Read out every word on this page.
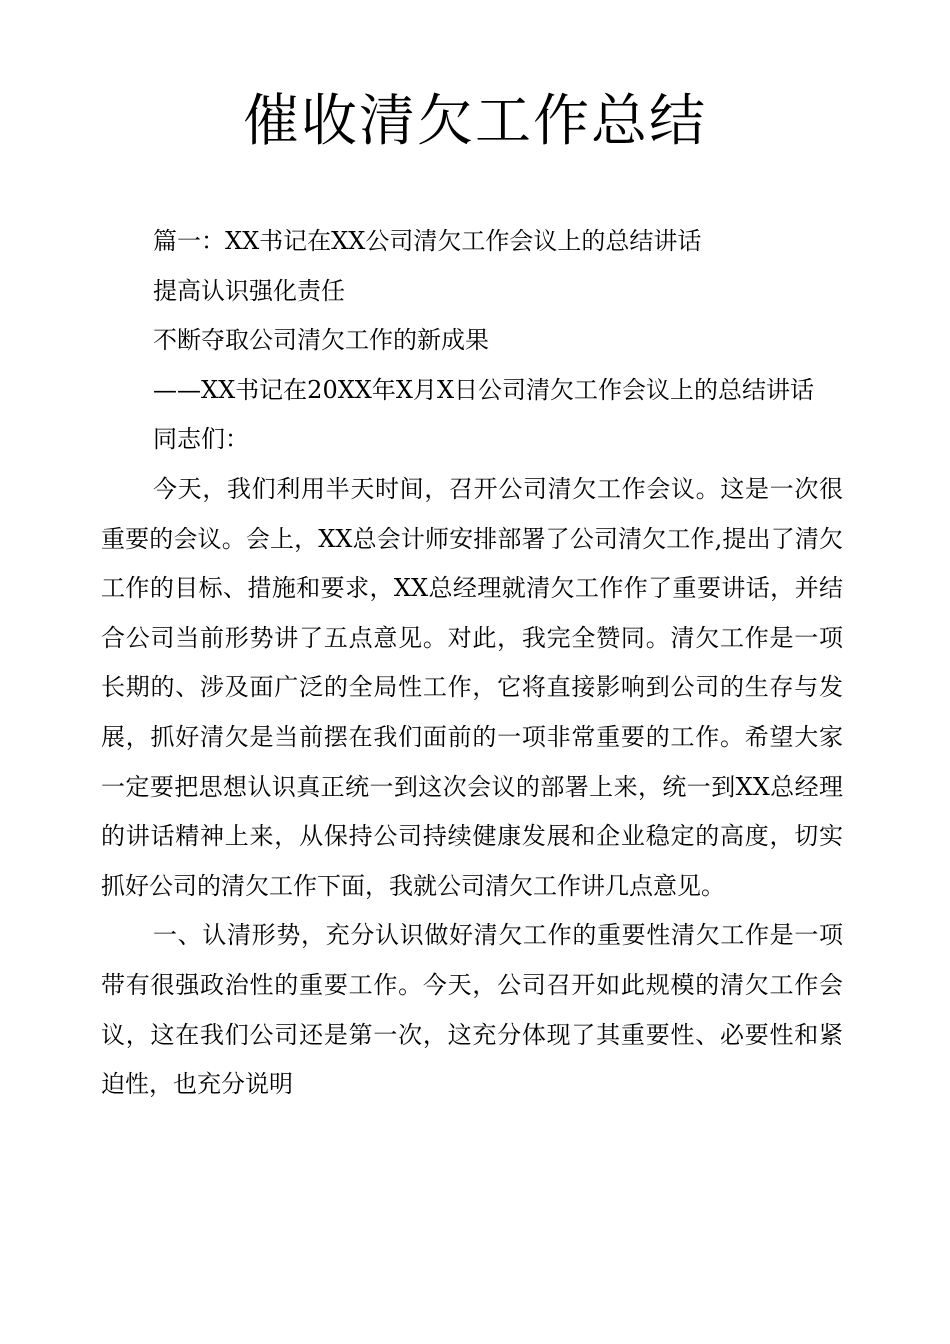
催收清欠工作总结

篇一：XX书记在XX公司清欠工作会议上的总结讲话

提高认识强化责任

不断夺取公司清欠工作的新成果

——XX书记在20XX年X月X日公司清欠工作会议上的总结讲话

同志们：

今天，我们利用半天时间，召开公司清欠工作会议。这是一次很重要的会议。会上，XX总会计师安排部署了公司清欠工作,提出了清欠工作的目标、措施和要求，XX总经理就清欠工作作了重要讲话，并结合公司当前形势讲了五点意见。对此，我完全赞同。清欠工作是一项长期的、涉及面广泛的全局性工作，它将直接影响到公司的生存与发展，抓好清欠是当前摆在我们面前的一项非常重要的工作。希望大家一定要把思想认识真正统一到这次会议的部署上来，统一到XX总经理的讲话精神上来，从保持公司持续健康发展和企业稳定的高度，切实抓好公司的清欠工作下面，我就公司清欠工作讲几点意见。

一、认清形势，充分认识做好清欠工作的重要性清欠工作是一项带有很强政治性的重要工作。今天，公司召开如此规模的清欠工作会议，这在我们公司还是第一次，这充分体现了其重要性、必要性和紧迫性，也充分说明
